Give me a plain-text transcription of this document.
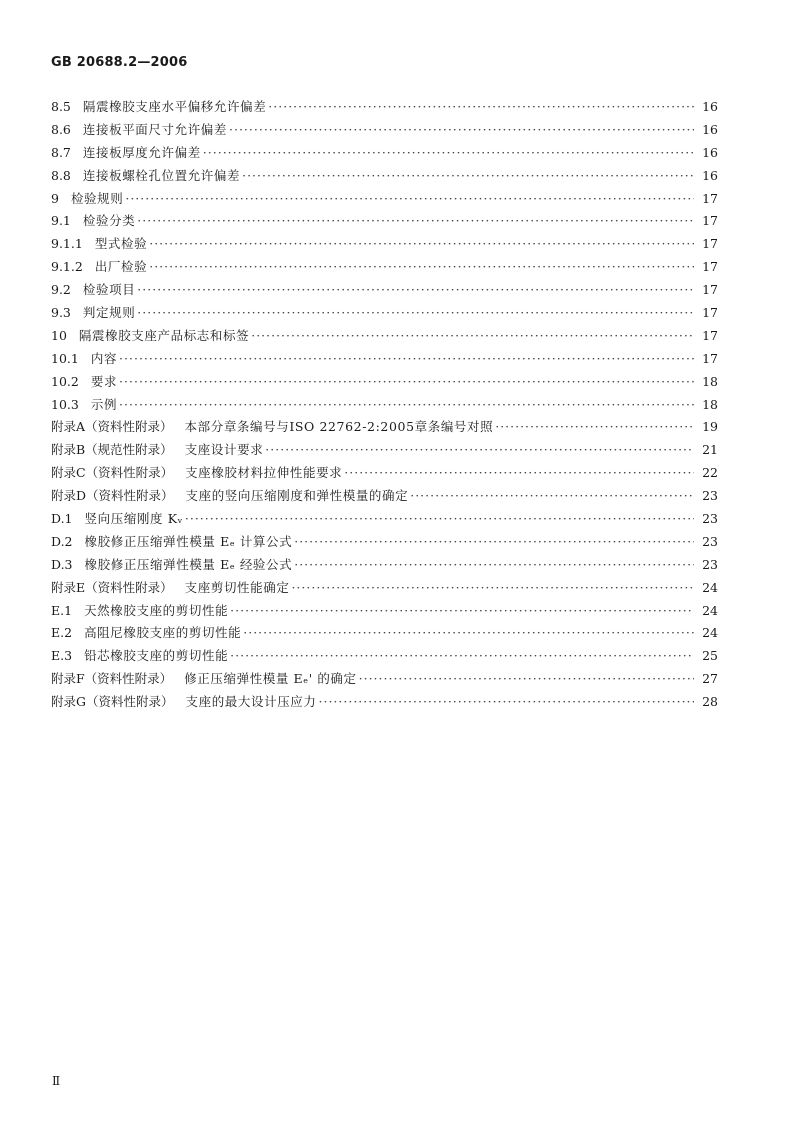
GB 20688.2—2006
8.5 隔震橡胶支座水平偏移允许偏差 ·····	16
8.6 连接板平面尺寸允许偏差 ·····	16
8.7 连接板厚度允许偏差 ·····	16
8.8 连接板螺栓孔位置允许偏差 ·····	16
9 检验规则 ·····	17
9.1 检验分类 ·····	17
9.1.1 型式检验 ·····	17
9.1.2 出厂检验 ·····	17
9.2 检验项目 ·····	17
9.3 判定规则 ·····	17
10 隔震橡胶支座产品标志和标签 ·····	17
10.1 内容 ·····	17
10.2 要求 ·····	18
10.3 示例 ·····	18
附录A（资料性附录） 本部分章条编号与ISO 22762-2:2005章条编号对照 ·····	19
附录B（规范性附录） 支座设计要求 ·····	21
附录C（资料性附录） 支座橡胶材料拉伸性能要求 ·····	22
附录D（资料性附录） 支座的竖向压缩刚度和弹性模量的确定 ·····	23
D.1 竖向压缩刚度 Kᵥ ·····	23
D.2 橡胶修正压缩弹性模量 Eₑ 计算公式 ·····	23
D.3 橡胶修正压缩弹性模量 Eₑ 经验公式 ·····	23
附录E（资料性附录） 支座剪切性能确定 ·····	24
E.1 天然橡胶支座的剪切性能 ·····	24
E.2 高阻尼橡胶支座的剪切性能 ·····	24
E.3 铅芯橡胶支座的剪切性能 ·····	25
附录F（资料性附录） 修正压缩弹性模量 Eₑ' 的确定 ·····	27
附录G（资料性附录） 支座的最大设计压应力 ·····	28
Ⅱ
